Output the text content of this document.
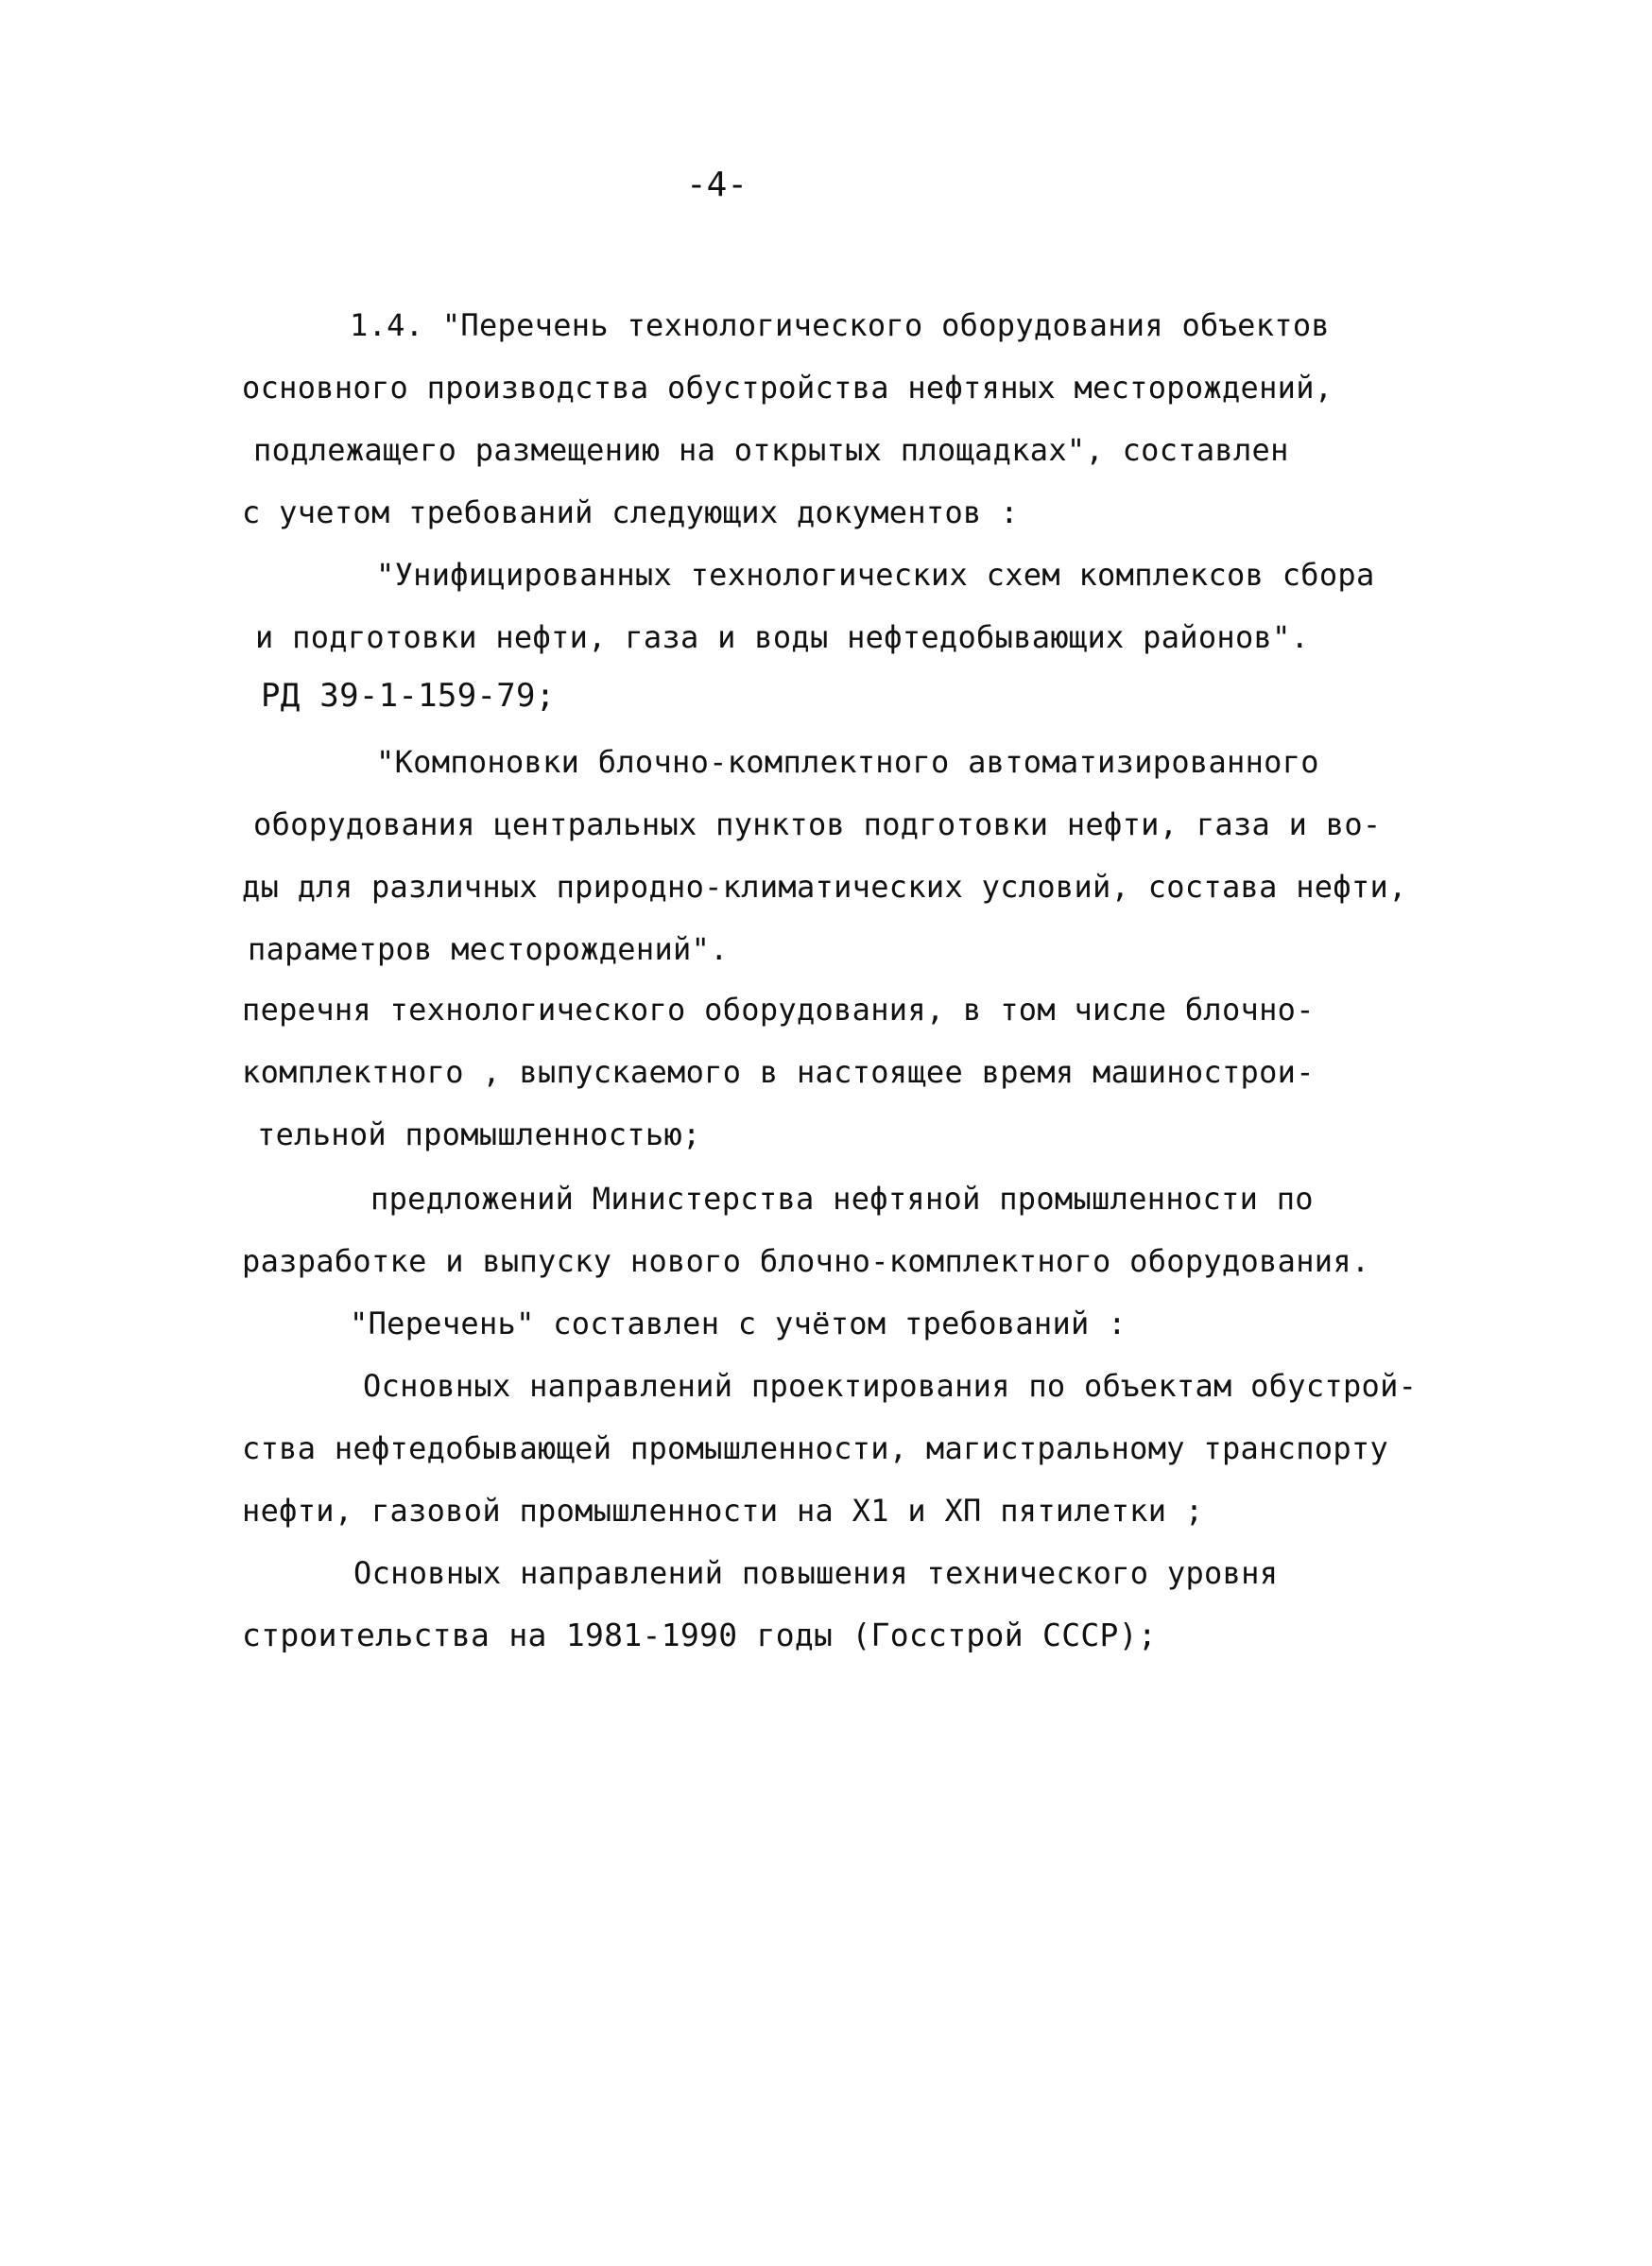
-4-
1.4. "Перечень технологического оборудования объектов
основного производства обустройства нефтяных месторождений,
подлежащего размещению на открытых площадках", составлен
с учетом требований следующих документов :
"Унифицированных технологических схем комплексов сбора
и подготовки нефти, газа и воды нефтедобывающих районов".
РД 39-1-159-79;
"Компоновки блочно-комплектного автоматизированного
оборудования центральных пунктов подготовки нефти, газа и во-
ды для различных природно-климатических условий, состава нефти,
параметров месторождений".
перечня технологического оборудования, в том числе блочно-
комплектного , выпускаемого в настоящее время машинострои-
тельной промышленностью;
предложений Министерства нефтяной промышленности по
разработке и выпуску нового блочно-комплектного оборудования.
"Перечень" составлен с учётом требований :
Основных направлений проектирования по объектам обустрой-
ства нефтедобывающей промышленности, магистральному транспорту
нефти, газовой промышленности на Х1 и ХП пятилетки ;
Основных направлений повышения технического уровня
строительства на 1981-1990 годы (Госстрой СССР);
